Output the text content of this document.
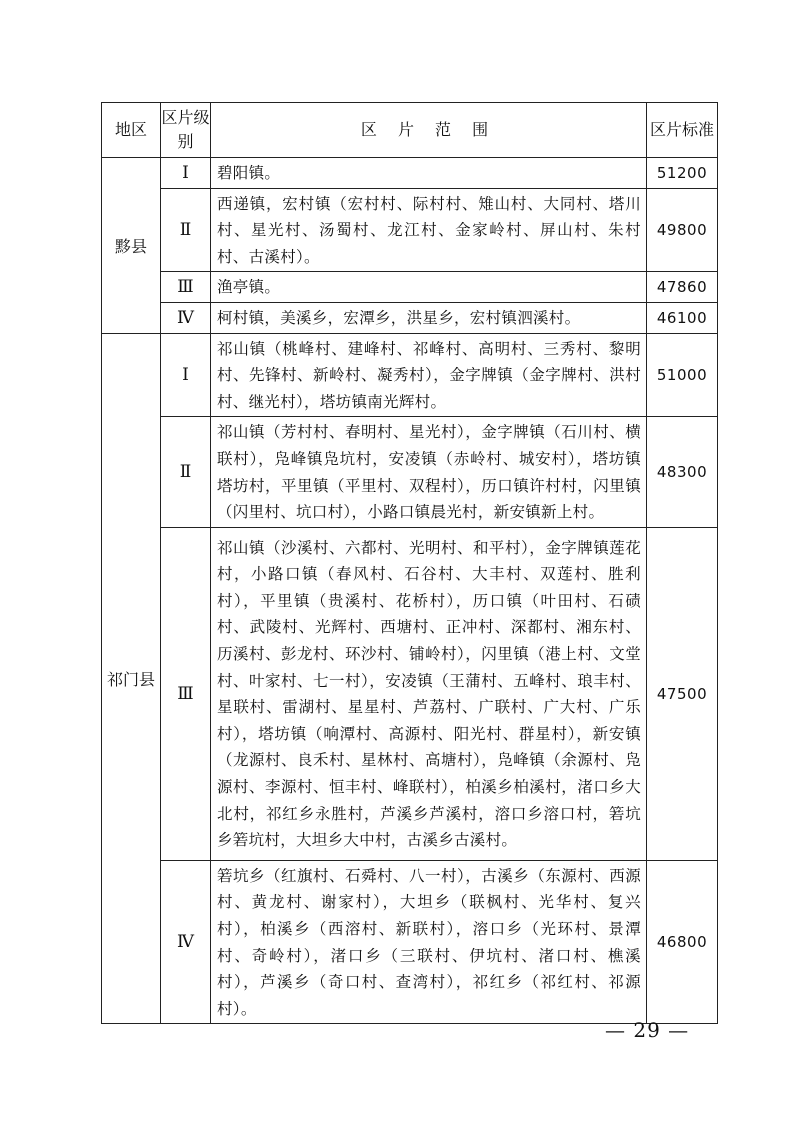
地区	区片级别	区 片 范 围	区片标准
黟县	Ⅰ	碧阳镇。	51200
	Ⅱ	西递镇，宏村镇（宏村村、际村村、雉山村、大同村、塔川村、星光村、汤蜀村、龙江村、金家岭村、屏山村、朱村村、古溪村）。	49800
	Ⅲ	渔亭镇。	47860
	Ⅳ	柯村镇，美溪乡，宏潭乡，洪星乡，宏村镇泗溪村。	46100
祁门县	Ⅰ	祁山镇（桃峰村、建峰村、祁峰村、高明村、三秀村、黎明村、先锋村、新岭村、凝秀村），金字牌镇（金字牌村、洪村村、继光村），塔坊镇南光辉村。	51000
	Ⅱ	祁山镇（芳村村、春明村、星光村），金字牌镇（石川村、横联村），凫峰镇凫坑村，安凌镇（赤岭村、城安村），塔坊镇塔坊村，平里镇（平里村、双程村），历口镇许村村，闪里镇（闪里村、坑口村），小路口镇晨光村，新安镇新上村。	48300
	Ⅲ	祁山镇（沙溪村、六都村、光明村、和平村），金字牌镇莲花村，小路口镇（春风村、石谷村、大丰村、双莲村、胜利村），平里镇（贵溪村、花桥村），历口镇（叶田村、石碛村、武陵村、光辉村、西塘村、正冲村、深都村、湘东村、历溪村、彭龙村、环沙村、铺岭村），闪里镇（港上村、文堂村、叶家村、七一村），安凌镇（王蒲村、五峰村、琅丰村、星联村、雷湖村、星星村、芦荔村、广联村、广大村、广乐村），塔坊镇（响潭村、高源村、阳光村、群星村），新安镇（龙源村、良禾村、星林村、高塘村），凫峰镇（余源村、凫源村、李源村、恒丰村、峰联村），柏溪乡柏溪村，渚口乡大北村，祁红乡永胜村，芦溪乡芦溪村，溶口乡溶口村，箬坑乡箬坑村，大坦乡大中村，古溪乡古溪村。	47500
	Ⅳ	箬坑乡（红旗村、石舜村、八一村），古溪乡（东源村、西源村、黄龙村、谢家村），大坦乡（联枫村、光华村、复兴村），柏溪乡（西溶村、新联村），溶口乡（光环村、景潭村、奇岭村），渚口乡（三联村、伊坑村、渚口村、樵溪村），芦溪乡（奇口村、查湾村），祁红乡（祁红村、祁源村）。	46800
— 29 —
